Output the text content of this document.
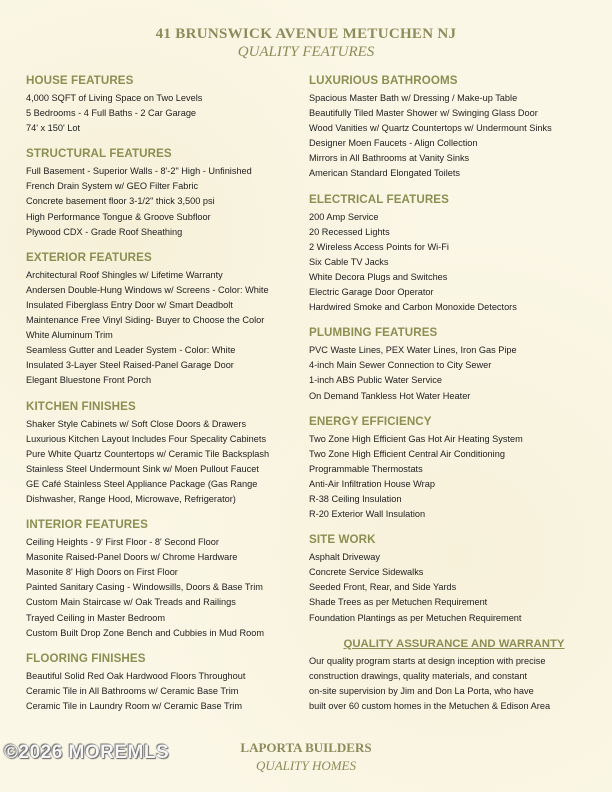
41 BRUNSWICK AVENUE METUCHEN NJ
QUALITY FEATURES
HOUSE FEATURES
4,000 SQFT of Living Space on Two Levels
5 Bedrooms - 4 Full Baths - 2 Car Garage
74' x 150' Lot
STRUCTURAL FEATURES
Full Basement - Superior Walls - 8'-2" High - Unfinished
French Drain System w/ GEO Filter Fabric
Concrete basement floor 3-1/2" thick 3,500 psi
High Performance Tongue & Groove Subfloor
Plywood CDX - Grade Roof Sheathing
EXTERIOR FEATURES
Architectural Roof Shingles w/ Lifetime Warranty
Andersen Double-Hung Windows w/ Screens - Color: White
Insulated Fiberglass Entry Door w/ Smart Deadbolt
Maintenance Free Vinyl Siding- Buyer to Choose the Color
White Aluminum Trim
Seamless Gutter and Leader System - Color: White
Insulated 3-Layer Steel Raised-Panel Garage Door
Elegant Bluestone Front Porch
KITCHEN FINISHES
Shaker Style Cabinets w/ Soft Close Doors & Drawers
Luxurious Kitchen Layout Includes Four Specality Cabinets
Pure White Quartz Countertops w/ Ceramic Tile Backsplash
Stainless Steel Undermount Sink w/ Moen Pullout Faucet
GE Café Stainless Steel Appliance Package (Gas Range
Dishwasher, Range Hood, Microwave, Refrigerator)
INTERIOR FEATURES
Ceiling Heights - 9' First Floor - 8' Second Floor
Masonite Raised-Panel Doors w/ Chrome Hardware
Masonite 8' High Doors on First Floor
Painted Sanitary Casing - Windowsills, Doors & Base Trim
Custom Main Staircase w/ Oak Treads and Railings
Trayed Ceiling in Master Bedroom
Custom Built Drop Zone Bench and Cubbies in Mud Room
FLOORING FINISHES
Beautiful Solid Red Oak Hardwood Floors Throughout
Ceramic Tile in All Bathrooms w/ Ceramic Base Trim
Ceramic Tile in Laundry Room w/ Ceramic Base Trim
LUXURIOUS BATHROOMS
Spacious Master Bath w/ Dressing / Make-up Table
Beautifully Tiled Master Shower w/ Swinging Glass Door
Wood Vanities w/ Quartz Countertops w/ Undermount Sinks
Designer Moen Faucets - Align Collection
Mirrors in All Bathrooms at Vanity Sinks
American Standard Elongated Toilets
ELECTRICAL FEATURES
200 Amp Service
20 Recessed Lights
2 Wireless Access Points for Wi-Fi
Six Cable TV Jacks
White Decora Plugs and Switches
Electric Garage Door Operator
Hardwired Smoke and Carbon Monoxide Detectors
PLUMBING FEATURES
PVC Waste Lines, PEX Water Lines, Iron Gas Pipe
4-inch Main Sewer Connection to City Sewer
1-inch ABS Public Water Service
On Demand Tankless Hot Water Heater
ENERGY EFFICIENCY
Two Zone High Efficient Gas Hot Air Heating System
Two Zone High Efficient Central Air Conditioning
Programmable Thermostats
Anti-Air Infiltration House Wrap
R-38 Ceiling Insulation
R-20 Exterior Wall Insulation
SITE WORK
Asphalt Driveway
Concrete Service Sidewalks
Seeded Front, Rear, and Side Yards
Shade Trees as per Metuchen Requirement
Foundation Plantings as per Metuchen Requirement
QUALITY ASSURANCE AND WARRANTY
Our quality program starts at design inception with precise
construction drawings, quality materials, and constant
on-site supervision by Jim and Don La Porta, who have
built over 60 custom homes in the Metuchen & Edison Area
LAPORTA BUILDERS
QUALITY HOMES
©2026 MOREMLS
